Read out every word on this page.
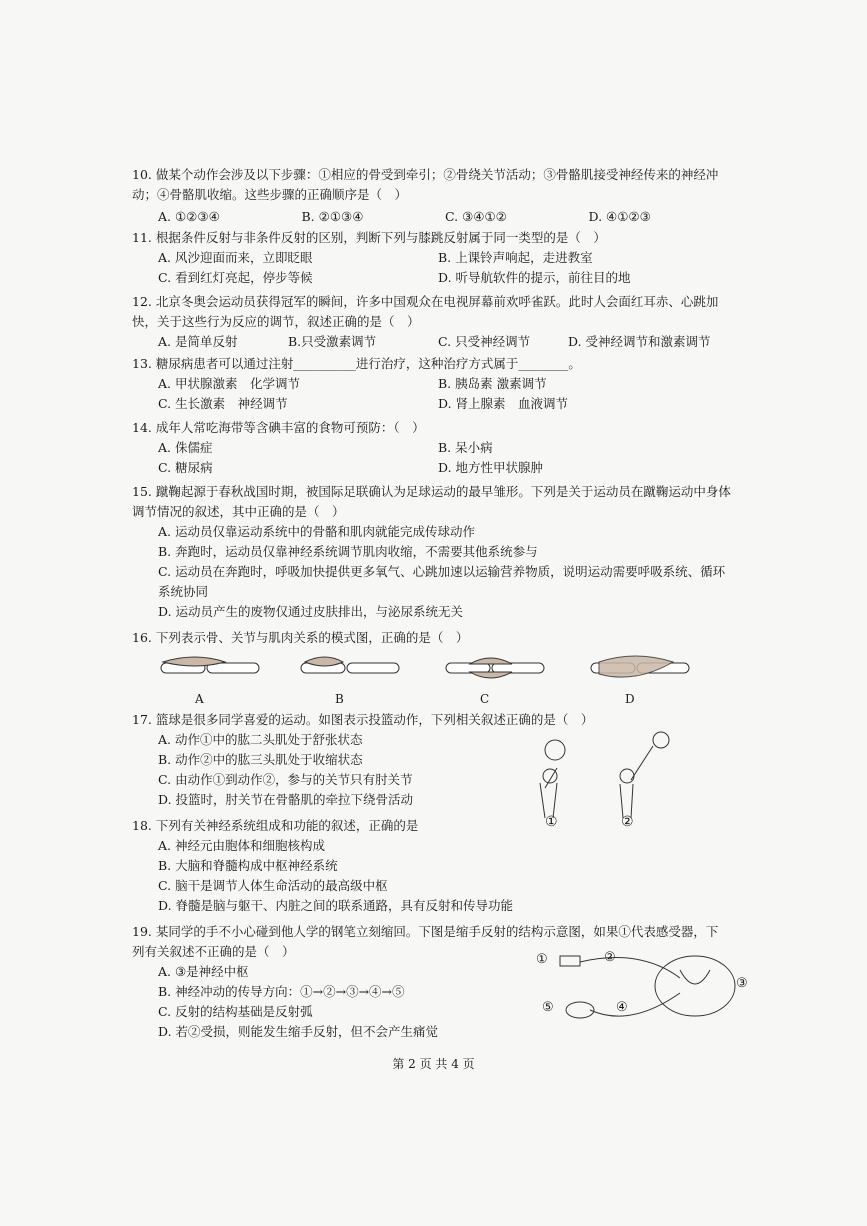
10. 做某个动作会涉及以下步骤：①相应的骨受到牵引；②骨绕关节活动；③骨骼肌接受神经传来的神经冲动；④骨骼肌收缩。这些步骤的正确顺序是（　）

A. ①②③④	B. ②①③④	C. ③④①②	D. ④①②③

11. 根据条件反射与非条件反射的区别，判断下列与膝跳反射属于同一类型的是（　）

A. 风沙迎面而来，立即眨眼	B. 上课铃声响起，走进教室
C. 看到红灯亮起，停步等候	D. 听导航软件的提示，前往目的地

12. 北京冬奥会运动员获得冠军的瞬间，许多中国观众在电视屏幕前欢呼雀跃。此时人会面红耳赤、心跳加快，关于这些行为反应的调节，叙述正确的是（　）

A. 是简单反射	B.只受激素调节	C. 只受神经调节	D. 受神经调节和激素调节

13. 糖尿病患者可以通过注射__________进行治疗，这种治疗方式属于________。

A. 甲状腺激素　化学调节	B. 胰岛素 激素调节
C. 生长激素　神经调节	D. 肾上腺素　血液调节

14. 成年人常吃海带等含碘丰富的食物可预防：（　）

A. 侏儒症	B. 呆小病
C. 糖尿病	D. 地方性甲状腺肿

15. 蹴鞠起源于春秋战国时期，被国际足联确认为足球运动的最早雏形。下列是关于运动员在蹴鞠运动中身体调节情况的叙述，其中正确的是（　）

A. 运动员仅靠运动系统中的骨骼和肌肉就能完成传球动作
B. 奔跑时，运动员仅靠神经系统调节肌肉收缩，不需要其他系统参与
C. 运动员在奔跑时，呼吸加快提供更多氧气、心跳加速以运输营养物质，说明运动需要呼吸系统、循环系统协同
D. 运动员产生的废物仅通过皮肤排出，与泌尿系统无关

16. 下列表示骨、关节与肌肉关系的模式图，正确的是（　）

A	B	C	D

17. 篮球是很多同学喜爱的运动。如图表示投篮动作，下列相关叙述正确的是（　）

A. 动作①中的肱二头肌处于舒张状态
B. 动作②中的肱三头肌处于收缩状态
C. 由动作①到动作②，参与的关节只有肘关节
D. 投篮时，肘关节在骨骼肌的牵拉下绕骨活动
①	②

18. 下列有关神经系统组成和功能的叙述，正确的是

A. 神经元由胞体和细胞核构成
B. 大脑和脊髓构成中枢神经系统
C. 脑干是调节人体生命活动的最高级中枢
D. 脊髓是脑与躯干、内脏之间的联系通路，具有反射和传导功能

19. 某同学的手不小心碰到他人学的钢笔立刻缩回。下图是缩手反射的结构示意图，如果①代表感受器，下列有关叙述不正确的是（　）

A. ③是神经中枢
B. 神经冲动的传导方向：①→②→③→④→⑤
C. 反射的结构基础是反射弧
D. 若②受损，则能发生缩手反射，但不会产生痛觉
①	②
③
④
⑤
第 2 页 共 4 页
